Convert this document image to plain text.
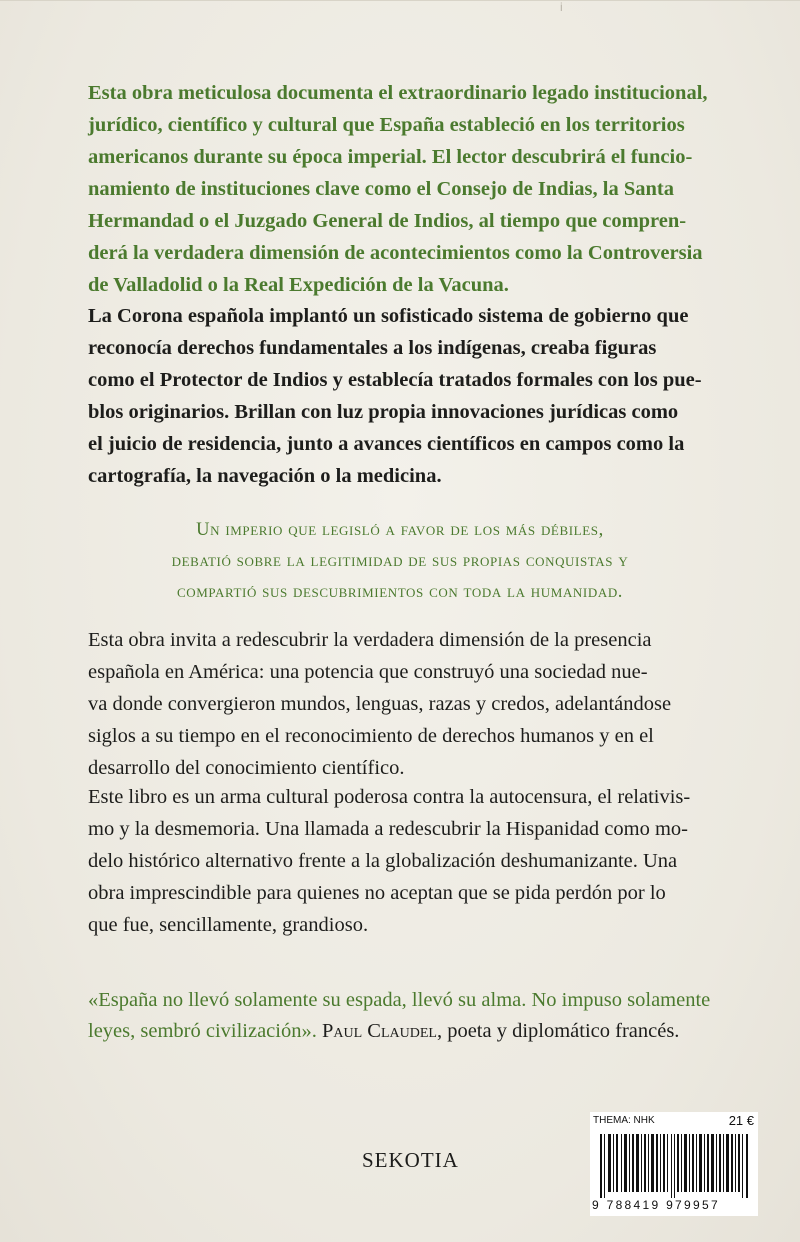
i

Esta obra meticulosa documenta el extraordinario legado institucional,
jurídico, científico y cultural que España estableció en los territorios
americanos durante su época imperial. El lector descubrirá el funcio-
namiento de instituciones clave como el Consejo de Indias, la Santa
Hermandad o el Juzgado General de Indios, al tiempo que compren-
derá la verdadera dimensión de acontecimientos como la Controversia
de Valladolid o la Real Expedición de la Vacuna.

La Corona española implantó un sofisticado sistema de gobierno que
reconocía derechos fundamentales a los indígenas, creaba figuras
como el Protector de Indios y establecía tratados formales con los pue-
blos originarios. Brillan con luz propia innovaciones jurídicas como
el juicio de residencia, junto a avances científicos en campos como la
cartografía, la navegación o la medicina.

Un imperio que legisló a favor de los más débiles,
debatió sobre la legitimidad de sus propias conquistas y
compartió sus descubrimientos con toda la humanidad.

Esta obra invita a redescubrir la verdadera dimensión de la presencia
española en América: una potencia que construyó una sociedad nue-
va donde convergieron mundos, lenguas, razas y credos, adelantándose
siglos a su tiempo en el reconocimiento de derechos humanos y en el
desarrollo del conocimiento científico.

Este libro es un arma cultural poderosa contra la autocensura, el relativis-
mo y la desmemoria. Una llamada a redescubrir la Hispanidad como mo-
delo histórico alternativo frente a la globalización deshumanizante. Una
obra imprescindible para quienes no aceptan que se pida perdón por lo
que fue, sencillamente, grandioso.

«España no llevó solamente su espada, llevó su alma. No impuso solamente
leyes, sembró civilización». Paul Claudel, poeta y diplomático francés.

SEKOTIA
THEMA: NHK	21 €
9 788419 979957
